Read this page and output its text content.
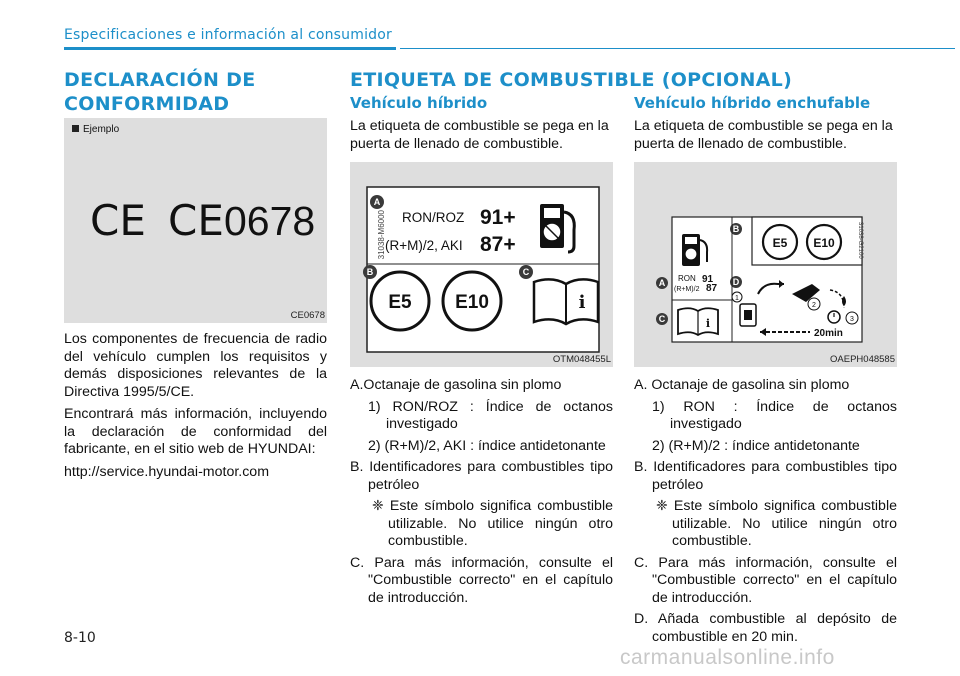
Especificaciones e información al consumidor
DECLARACIÓN DE
CONFORMIDAD
Ejemplo
CE CE 0678
CE0678

Los componentes de frecuencia de radio del vehículo cumplen los requisitos y demás disposiciones relevantes de la Directiva 1995/5/CE.

Encontrará más información, incluyendo la declaración de conformidad del fabricante, en el sitio web de HYUNDAI:

http://service.hyundai-motor.com

ETIQUETA DE COMBUSTIBLE (OPCIONAL)
Vehículo híbrido
La etiqueta de combustible se pega en la puerta de llenado de combustible.
31038-M6000
A
RON/ROZ 91+
(R+M)/2, AKI 87+
B	C
E5 E10	i
OTM048455L
A.Octanaje de gasolina sin plomo
1) RON/ROZ : Índice de octanos investigado
2) (R+M)/2, AKI : índice antidetonante
B. Identificadores para combustibles tipo petróleo
❈ Este símbolo significa combustible utilizable. No utilice ningún otro combustible.
C. Para más información, consulte el "Combustible correcto" en el capítulo de introducción.
Vehículo híbrido enchufable
La etiqueta de combustible se pega en la puerta de llenado de combustible.
31038-G2100
B
A
C
D
RON 91
(R+M)/2 87
i
E5 E10
1
2
3
20min
OAEPH048585
A. Octanaje de gasolina sin plomo
1) RON : Índice de octanos investigado
2) (R+M)/2 : índice antidetonante
B. Identificadores para combustibles tipo petróleo
❈ Este símbolo significa combustible utilizable. No utilice ningún otro combustible.
C. Para más información, consulte el "Combustible correcto" en el capítulo de introducción.
D. Añada combustible al depósito de combustible en 20 min.
8-10
carmanualsonline.info
